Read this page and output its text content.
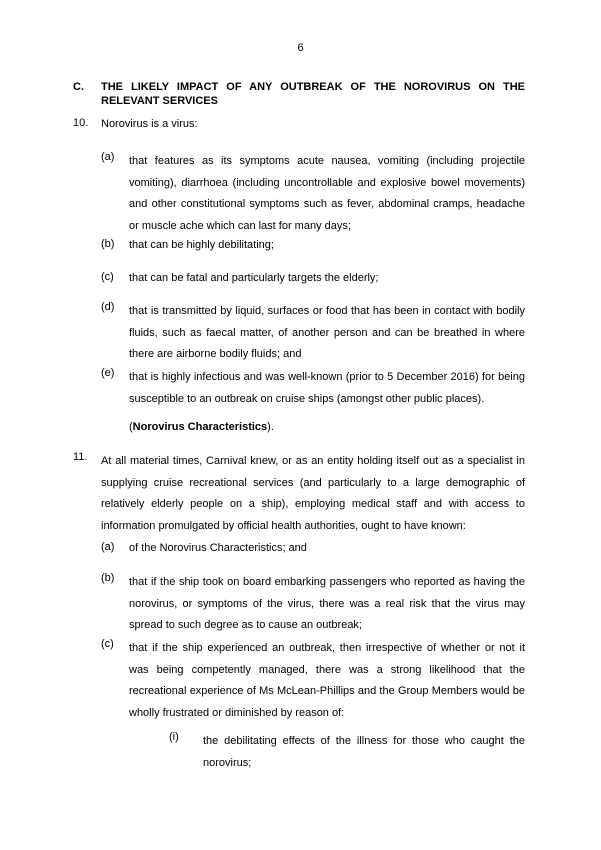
6
C. THE LIKELY IMPACT OF ANY OUTBREAK OF THE NOROVIRUS ON THE RELEVANT SERVICES
10. Norovirus is a virus:
(a) that features as its symptoms acute nausea, vomiting (including projectile vomiting), diarrhoea (including uncontrollable and explosive bowel movements) and other constitutional symptoms such as fever, abdominal cramps, headache or muscle ache which can last for many days;
(b) that can be highly debilitating;
(c) that can be fatal and particularly targets the elderly;
(d) that is transmitted by liquid, surfaces or food that has been in contact with bodily fluids, such as faecal matter, of another person and can be breathed in where there are airborne bodily fluids; and
(e) that is highly infectious and was well-known (prior to 5 December 2016) for being susceptible to an outbreak on cruise ships (amongst other public places).
(Norovirus Characteristics).
11. At all material times, Carnival knew, or as an entity holding itself out as a specialist in supplying cruise recreational services (and particularly to a large demographic of relatively elderly people on a ship), employing medical staff and with access to information promulgated by official health authorities, ought to have known:
(a) of the Norovirus Characteristics; and
(b) that if the ship took on board embarking passengers who reported as having the norovirus, or symptoms of the virus, there was a real risk that the virus may spread to such degree as to cause an outbreak;
(c) that if the ship experienced an outbreak, then irrespective of whether or not it was being competently managed, there was a strong likelihood that the recreational experience of Ms McLean-Phillips and the Group Members would be wholly frustrated or diminished by reason of:
(i) the debilitating effects of the illness for those who caught the norovirus;
